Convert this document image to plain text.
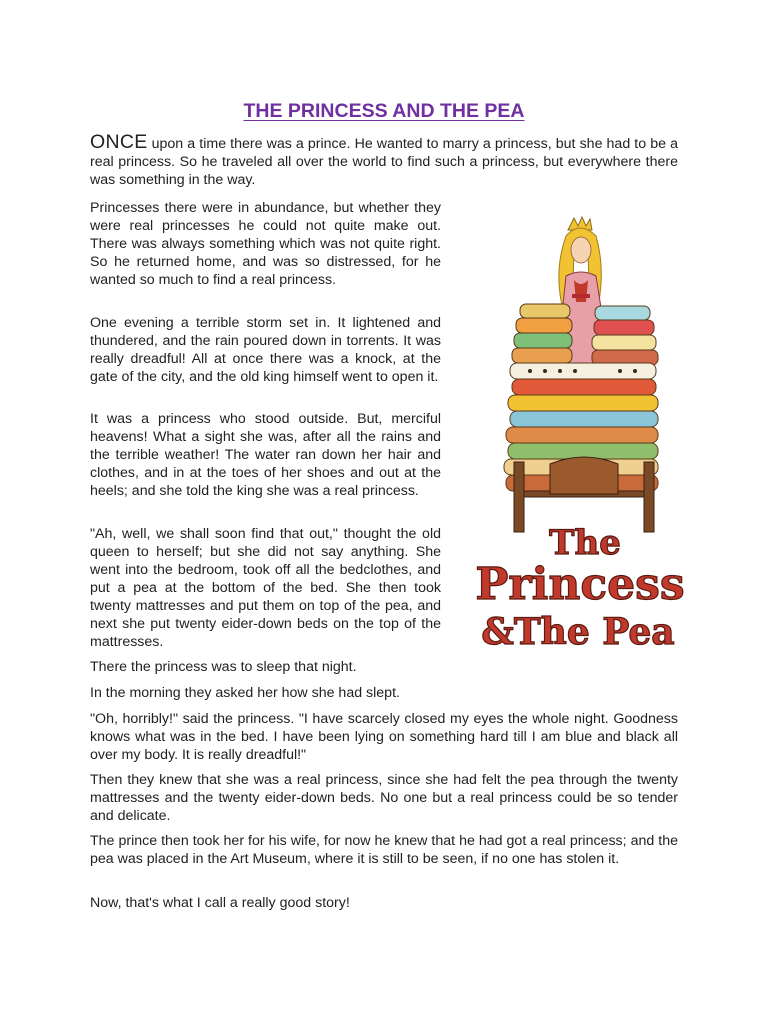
THE PRINCESS AND THE PEA

ONCE upon a time there was a prince. He wanted to marry a princess, but she had to be a real princess. So he traveled all over the world to find such a princess, but everywhere there was something in the way.

Princesses there were in abundance, but whether they were real princesses he could not quite make out. There was always something which was not quite right. So he returned home, and was so distressed, for he wanted so much to find a real princess.

One evening a terrible storm set in. It lightened and thundered, and the rain poured down in torrents. It was really dreadful! All at once there was a knock, at the gate of the city, and the old king himself went to open it.

It was a princess who stood outside. But, merciful heavens! What a sight she was, after all the rains and the terrible weather! The water ran down her hair and clothes, and in at the toes of her shoes and out at the heels; and she told the king she was a real princess.

"Ah, well, we shall soon find that out," thought the old queen to herself; but she did not say anything. She went into the bedroom, took off all the bedclothes, and put a pea at the bottom of the bed. She then took twenty mattresses and put them on top of the pea, and next she put twenty eider-down beds on the top of the mattresses.

There the princess was to sleep that night.

In the morning they asked her how she had slept.

"Oh, horribly!" said the princess. "I have scarcely closed my eyes the whole night. Goodness knows what was in the bed. I have been lying on something hard till I am blue and black all over my body. It is really dreadful!"

Then they knew that she was a real princess, since she had felt the pea through the twenty mattresses and the twenty eider-down beds. No one but a real princess could be so tender and delicate.

The prince then took her for his wife, for now he knew that he had got a real princess; and the pea was placed in the Art Museum, where it is still to be seen, if no one has stolen it.

Now, that's what I call a really good story!

The
Princess
&The Pea
